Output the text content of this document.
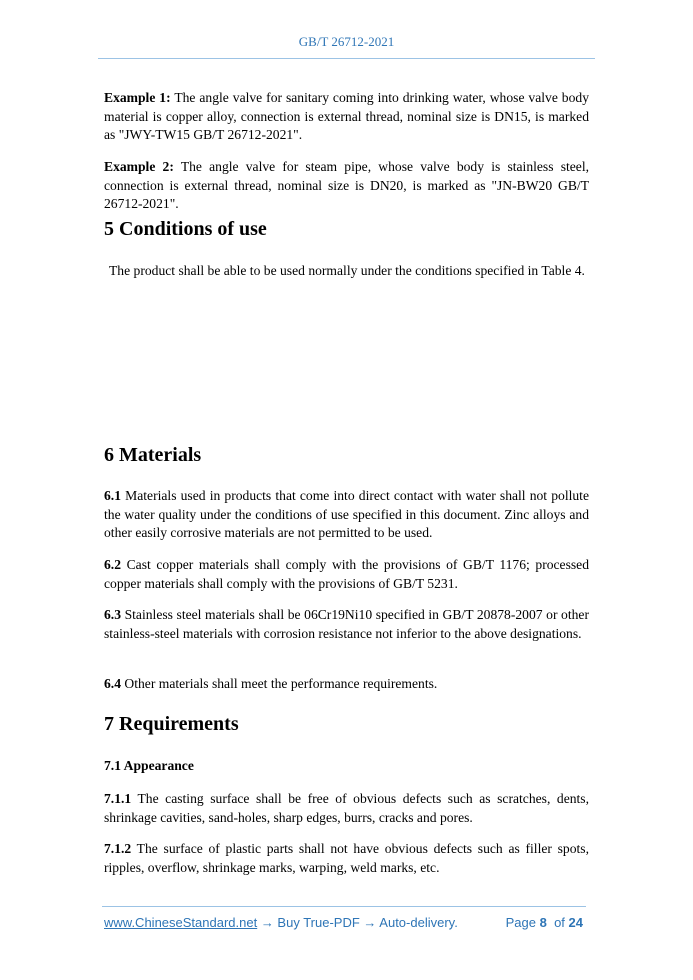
GB/T 26712-2021
Example 1: The angle valve for sanitary coming into drinking water, whose valve body material is copper alloy, connection is external thread, nominal size is DN15, is marked as "JWY-TW15 GB/T 26712-2021".
Example 2: The angle valve for steam pipe, whose valve body is stainless steel, connection is external thread, nominal size is DN20, is marked as "JN-BW20 GB/T 26712-2021".
5 Conditions of use
The product shall be able to be used normally under the conditions specified in Table 4.
6 Materials
6.1 Materials used in products that come into direct contact with water shall not pollute the water quality under the conditions of use specified in this document. Zinc alloys and other easily corrosive materials are not permitted to be used.
6.2 Cast copper materials shall comply with the provisions of GB/T 1176; processed copper materials shall comply with the provisions of GB/T 5231.
6.3 Stainless steel materials shall be 06Cr19Ni10 specified in GB/T 20878-2007 or other stainless-steel materials with corrosion resistance not inferior to the above designations.
6.4 Other materials shall meet the performance requirements.
7 Requirements
7.1 Appearance
7.1.1 The casting surface shall be free of obvious defects such as scratches, dents, shrinkage cavities, sand-holes, sharp edges, burrs, cracks and pores.
7.1.2 The surface of plastic parts shall not have obvious defects such as filler spots, ripples, overflow, shrinkage marks, warping, weld marks, etc.
www.ChineseStandard.net → Buy True-PDF → Auto-delivery.	Page 8 of 24
